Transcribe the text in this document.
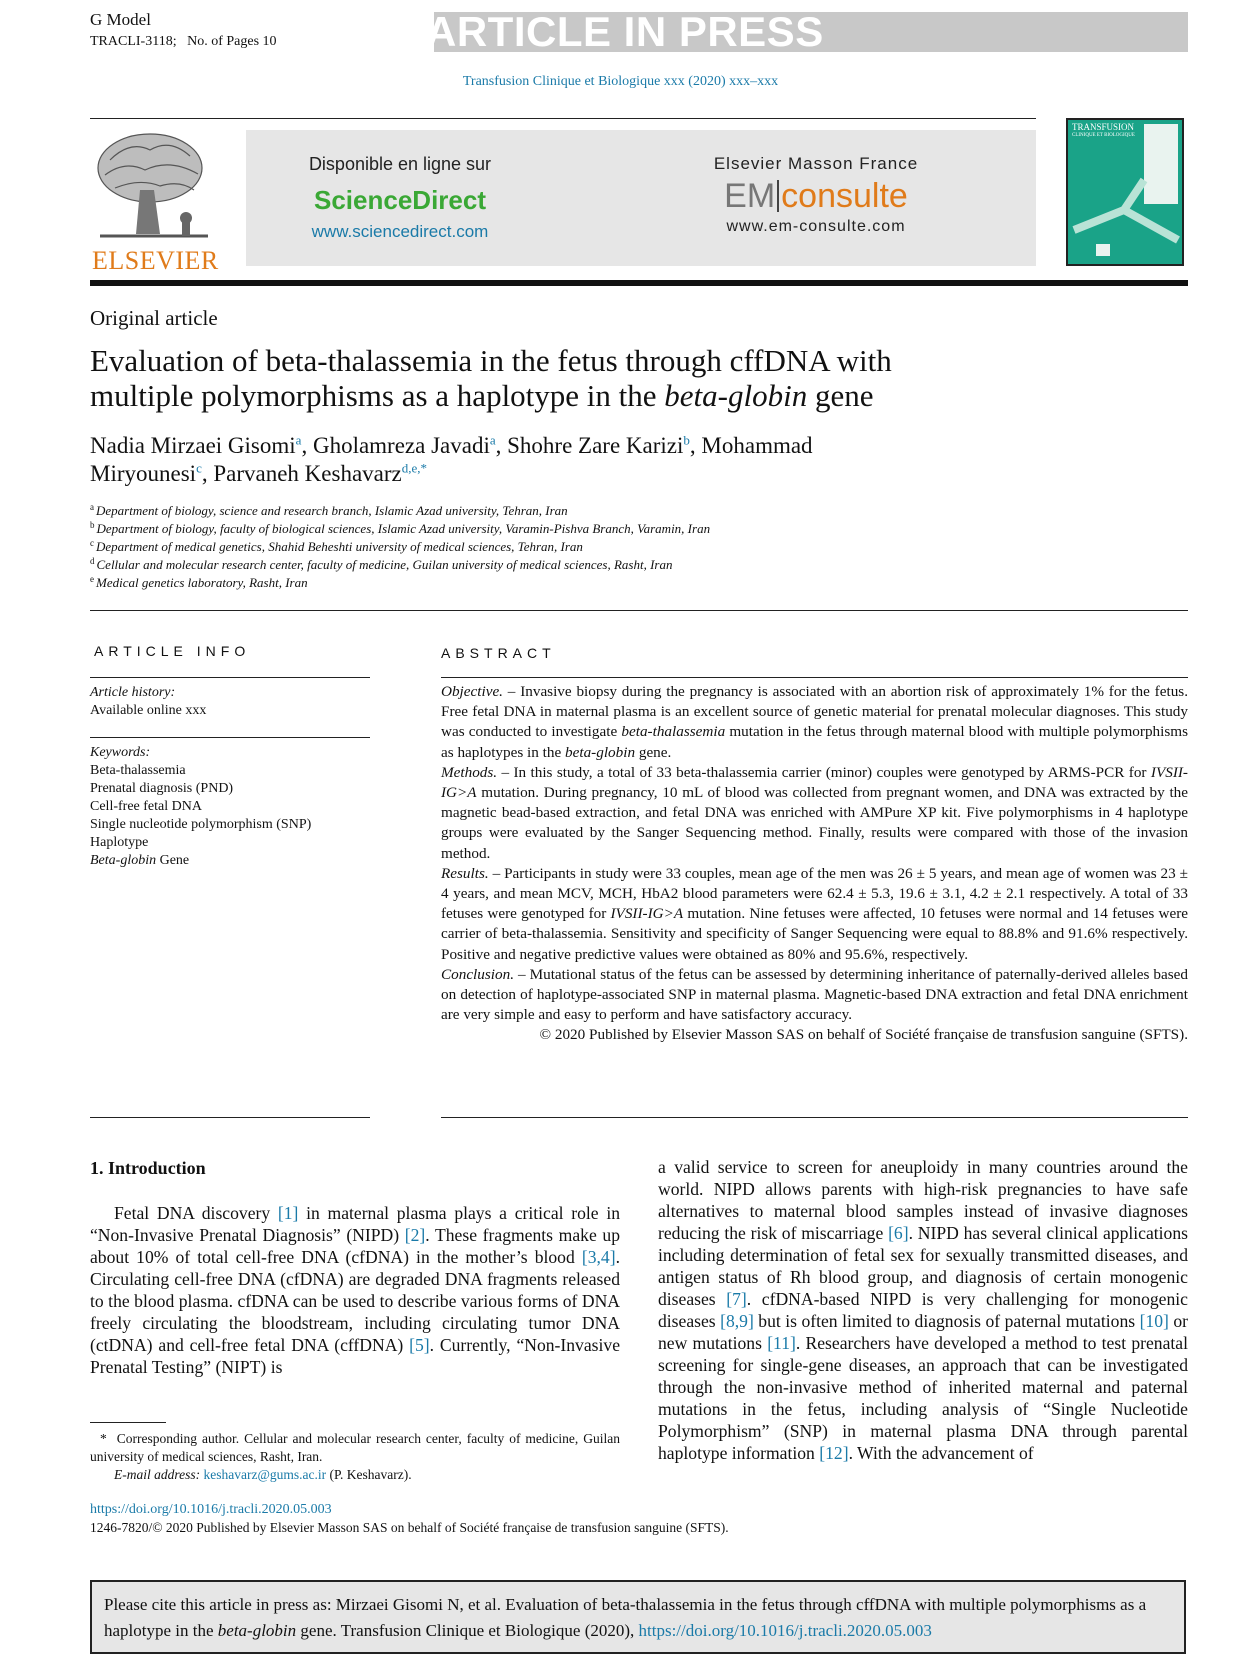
G Model
TRACLI-3118; No. of Pages 10	ARTICLE IN PRESS
Transfusion Clinique et Biologique xxx (2020) xxx–xxx
ELSEVIER
Disponible en ligne sur
ScienceDirect
www.sciencedirect.com
Elsevier Masson France
EM consulte
www.em-consulte.com
TRANSFUSION
CLINIQUE ET BIOLOGIQUE
Original article
Evaluation of beta-thalassemia in the fetus through cffDNA with
multiple polymorphisms as a haplotype in the beta-globin gene
Nadia Mirzaei Gisomi$^a$, Gholamreza Javadi$^a$, Shohre Zare Karizi$^b$, Mohammad
Miryounesi$^c$, Parvaneh Keshavarz$^{d,e,*}$
$^a$ Department of biology, science and research branch, Islamic Azad university, Tehran, Iran
$^b$ Department of biology, faculty of biological sciences, Islamic Azad university, Varamin-Pishva Branch, Varamin, Iran
$^c$ Department of medical genetics, Shahid Beheshti university of medical sciences, Tehran, Iran
$^d$ Cellular and molecular research center, faculty of medicine, Guilan university of medical sciences, Rasht, Iran
$^e$ Medical genetics laboratory, Rasht, Iran
ARTICLE INFO
Article history:
Available online xxx
Keywords:
Beta-thalassemia
Prenatal diagnosis (PND)
Cell-free fetal DNA
Single nucleotide polymorphism (SNP)
Haplotype
Beta-globin Gene
ABSTRACT

Objective. – Invasive biopsy during the pregnancy is associated with an abortion risk of approximately 1% for the fetus. Free fetal DNA in maternal plasma is an excellent source of genetic material for prenatal molecular diagnoses. This study was conducted to investigate beta-thalassemia mutation in the fetus through maternal blood with multiple polymorphisms as haplotypes in the beta-globin gene.

Methods. – In this study, a total of 33 beta-thalassemia carrier (minor) couples were genotyped by ARMS-PCR for IVSII-IG>A mutation. During pregnancy, 10 mL of blood was collected from pregnant women, and DNA was extracted by the magnetic bead-based extraction, and fetal DNA was enriched with AMPure XP kit. Five polymorphisms in 4 haplotype groups were evaluated by the Sanger Sequencing method. Finally, results were compared with those of the invasion method.

Results. – Participants in study were 33 couples, mean age of the men was 26 ± 5 years, and mean age of women was 23 ± 4 years, and mean MCV, MCH, HbA2 blood parameters were 62.4 ± 5.3, 19.6 ± 3.1, 4.2 ± 2.1 respectively. A total of 33 fetuses were genotyped for IVSII-IG>A mutation. Nine fetuses were affected, 10 fetuses were normal and 14 fetuses were carrier of beta-thalassemia. Sensitivity and specificity of Sanger Sequencing were equal to 88.8% and 91.6% respectively. Positive and negative predictive values were obtained as 80% and 95.6%, respectively.

Conclusion. – Mutational status of the fetus can be assessed by determining inheritance of paternally-derived alleles based on detection of haplotype-associated SNP in maternal plasma. Magnetic-based DNA extraction and fetal DNA enrichment are very simple and easy to perform and have satisfactory accuracy.

© 2020 Published by Elsevier Masson SAS on behalf of Société française de transfusion sanguine (SFTS).

1. Introduction

Fetal DNA discovery [1] in maternal plasma plays a critical role in “Non-Invasive Prenatal Diagnosis” (NIPD) [2]. These fragments make up about 10% of total cell-free DNA (cfDNA) in the mother’s blood [3,4]. Circulating cell-free DNA (cfDNA) are degraded DNA fragments released to the blood plasma. cfDNA can be used to describe various forms of DNA freely circulating the bloodstream, including circulating tumor DNA (ctDNA) and cell-free fetal DNA (cffDNA) [5]. Currently, “Non-Invasive Prenatal Testing” (NIPT) is

a valid service to screen for aneuploidy in many countries around the world. NIPD allows parents with high-risk pregnancies to have safe alternatives to maternal blood samples instead of invasive diagnoses reducing the risk of miscarriage [6]. NIPD has several clinical applications including determination of fetal sex for sexually transmitted diseases, and antigen status of Rh blood group, and diagnosis of certain monogenic diseases [7]. cfDNA-based NIPD is very challenging for monogenic diseases [8,9] but is often limited to diagnosis of paternal mutations [10] or new mutations [11]. Researchers have developed a method to test prenatal screening for single-gene diseases, an approach that can be investigated through the non-invasive method of inherited maternal and paternal mutations in the fetus, including analysis of “Single Nucleotide Polymorphism” (SNP) in maternal plasma DNA through parental haplotype information [12]. With the advancement of

* Corresponding author. Cellular and molecular research center, faculty of medicine, Guilan university of medical sciences, Rasht, Iran.
E-mail address: keshavarz@gums.ac.ir (P. Keshavarz).
https://doi.org/10.1016/j.tracli.2020.05.003
1246-7820/© 2020 Published by Elsevier Masson SAS on behalf of Société française de transfusion sanguine (SFTS).
Please cite this article in press as: Mirzaei Gisomi N, et al. Evaluation of beta-thalassemia in the fetus through cffDNA with multiple polymorphisms as a haplotype in the beta-globin gene. Transfusion Clinique et Biologique (2020), https://doi.org/10.1016/j.tracli.2020.05.003
